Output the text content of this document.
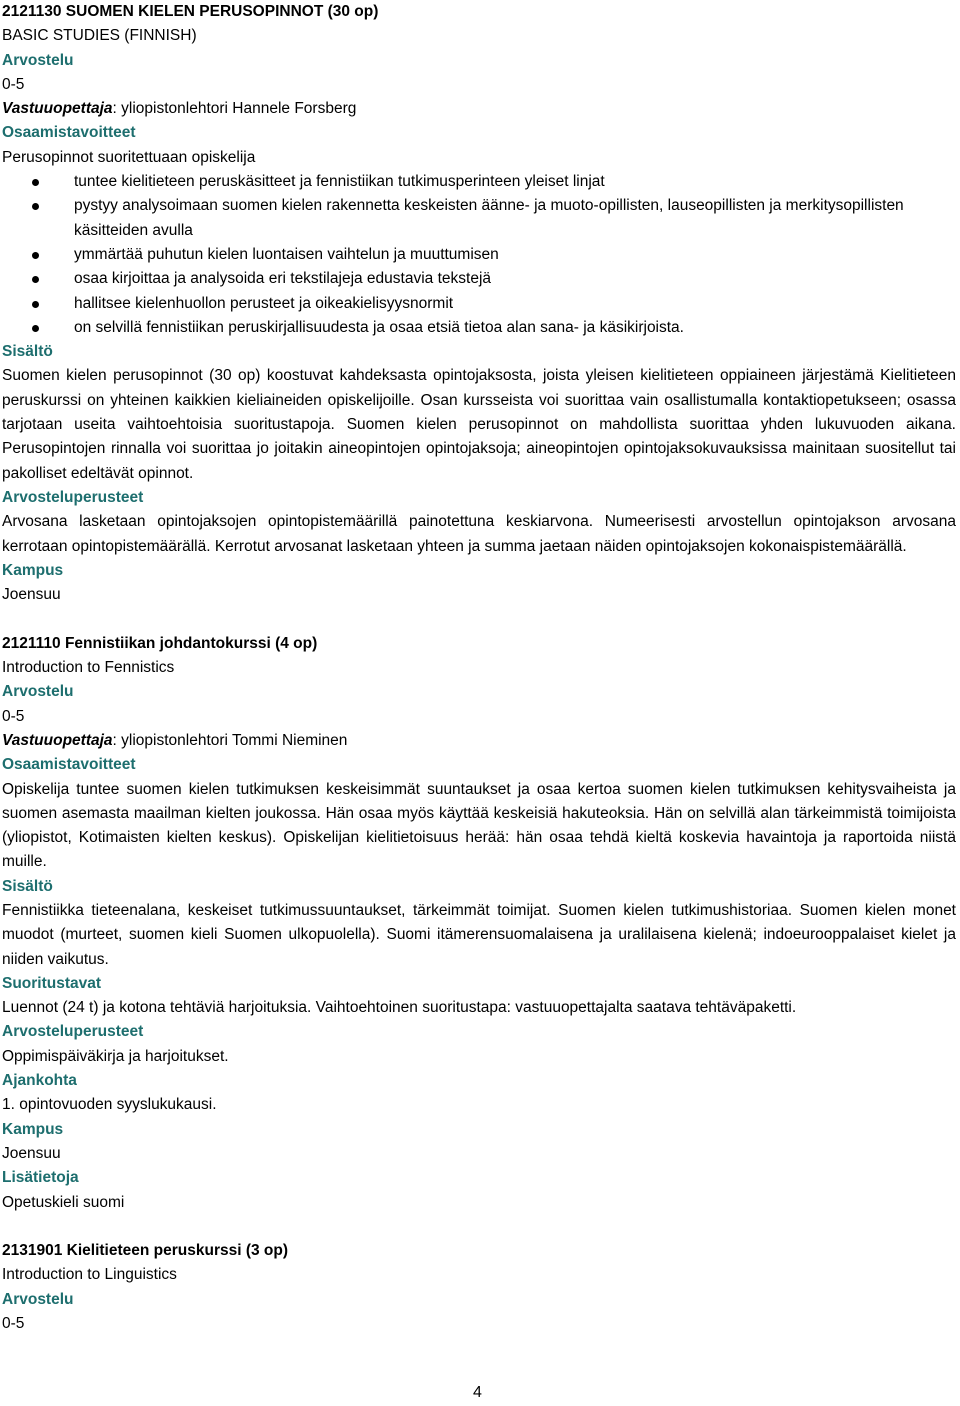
2121130 SUOMEN KIELEN PERUSOPINNOT (30 op)
BASIC STUDIES (FINNISH)
Arvostelu
0-5
Vastuuopettaja: yliopistonlehtori Hannele Forsberg
Osaamistavoitteet
Perusopinnot suoritettuaan opiskelija
tuntee kielitieteen peruskäsitteet ja fennistiikan tutkimusperinteen yleiset linjat
pystyy analysoimaan suomen kielen rakennetta keskeisten äänne- ja muoto-opillisten, lauseopillisten ja merkitysopillisten käsitteiden avulla
ymmärtää puhutun kielen luontaisen vaihtelun ja muuttumisen
osaa kirjoittaa ja analysoida eri tekstilajeja edustavia tekstejä
hallitsee kielenhuollon perusteet ja oikeakielisyysnormit
on selvillä fennistiikan peruskirjallisuudesta ja osaa etsiä tietoa alan sana- ja käsikirjoista.
Sisältö
Suomen kielen perusopinnot (30 op) koostuvat kahdeksasta opintojaksosta, joista yleisen kielitieteen oppiaineen järjestämä Kielitieteen peruskurssi on yhteinen kaikkien kieliaineiden opiskelijoille. Osan kursseista voi suorittaa vain osallistumalla kontaktiopetukseen; osassa tarjotaan useita vaihtoehtoisia suoritustapoja. Suomen kielen perusopinnot on mahdollista suorittaa yhden lukuvuoden aikana. Perusopintojen rinnalla voi suorittaa jo joitakin aineopintojen opintojaksoja; aineopintojen opintojaksokuvauksissa mainitaan suositellut tai pakolliset edeltävät opinnot.
Arvosteluperusteet
Arvosana lasketaan opintojaksojen opintopistemäärillä painotettuna keskiarvona. Numeerisesti arvostellun opintojakson arvosana kerrotaan opintopistemäärällä. Kerrotut arvosanat lasketaan yhteen ja summa jaetaan näiden opintojaksojen kokonaispistemäärällä.
Kampus
Joensuu
2121110 Fennistiikan johdantokurssi (4 op)
Introduction to Fennistics
Arvostelu
0-5
Vastuuopettaja: yliopistonlehtori Tommi Nieminen
Osaamistavoitteet
Opiskelija tuntee suomen kielen tutkimuksen keskeisimmät suuntaukset ja osaa kertoa suomen kielen tutkimuksen kehitysvaiheista ja suomen asemasta maailman kielten joukossa. Hän osaa myös käyttää keskeisiä hakuteoksia. Hän on selvillä alan tärkeimmistä toimijoista (yliopistot, Kotimaisten kielten keskus). Opiskelijan kielitietoisuus herää: hän osaa tehdä kieltä koskevia havaintoja ja raportoida niistä muille.
Sisältö
Fennistiikka tieteenalana, keskeiset tutkimussuuntaukset, tärkeimmät toimijat. Suomen kielen tutkimushistoriaa. Suomen kielen monet muodot (murteet, suomen kieli Suomen ulkopuolella). Suomi itämerensuomalaisena ja uralilaisena kielenä; indoeurooppalaiset kielet ja niiden vaikutus.
Suoritustavat
Luennot (24 t) ja kotona tehtäviä harjoituksia. Vaihtoehtoinen suoritustapa: vastuuopettajalta saatava tehtäväpaketti.
Arvosteluperusteet
Oppimispäiväkirja ja harjoitukset.
Ajankohta
1. opintovuoden syyslukukausi.
Kampus
Joensuu
Lisätietoja
Opetuskieli suomi
2131901 Kielitieteen peruskurssi (3 op)
Introduction to Linguistics
Arvostelu
0-5
4
